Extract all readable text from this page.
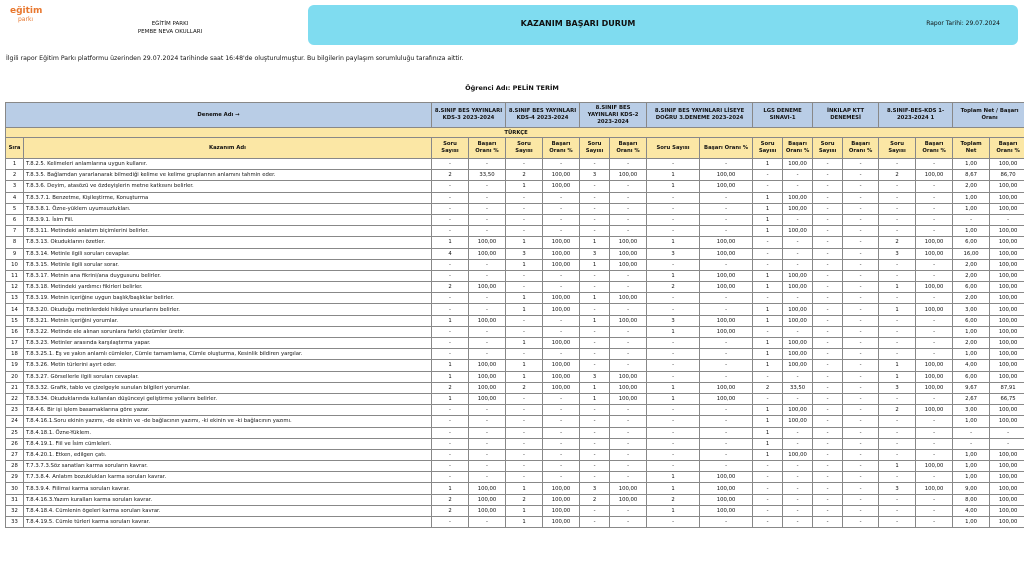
eğitim
parkı
EĞİTİM PARKI
PEMBE NEVA OKULLARI
KAZANIM BAŞARI DURUM	Rapor Tarihi: 29.07.2024
İlgili rapor Eğitim Parkı platformu üzerinden 29.07.2024 tarihinde saat 16:48'de oluşturulmuştur. Bu bilgilerin paylaşım sorumluluğu tarafınıza aittir.
Öğrenci Adı: PELİN TERİM
Deneme Adı →		8.SINIF BES YAYINLARI KDS-3 2023-2024		8.SINIF BES YAYINLARI KDS-4 2023-2024		8.SINIF BES YAYINLARI KDS-2 2023-2024		8.SINIF BES YAYINLARI LİSEYE DOĞRU 3.DENEME 2023-2024		LGS DENEME SINAVI-1		İNKILAP KTT DENEMESİ		8.SINIF-BES-KDS 1-2023-2024 1		Toplam Net / Başarı Oranı	
TÜRKÇE																	
Sıra	Kazanım Adı	Soru Sayısı	Başarı Oranı %	Soru Sayısı	Başarı Oranı %	Soru Sayısı	Başarı Oranı %	Soru Sayısı	Başarı Oranı %	Soru Sayısı	Başarı Oranı %	Soru Sayısı	Başarı Oranı %	Soru Sayısı	Başarı Oranı %	Toplam Net	Başarı Oranı %
1	T.8.2.5. Kelimeleri anlamlarına uygun kullanır.	-	-	-	-	-	-	-	-	1	100,00	-	-	-	-	1,00	100,00
2	T.8.3.5. Bağlamdan yararlanarak bilmediği kelime ve kelime gruplarının anlamını tahmin eder.	2	33,50	2	100,00	3	100,00	1	100,00	-	-	-	-	2	100,00	8,67	86,70
3	T.8.3.6. Deyim, atasözü ve özdeyişlerin metne katkısını belirler.	-	-	1	100,00	-	-	1	100,00	-	-	-	-	-	-	2,00	100,00
4	T.8.3.7.1. Benzetme, Kişileştirme, Konuşturma	-	-	-	-	-	-	-	-	1	100,00	-	-	-	-	1,00	100,00
5	T.8.3.8.1. Özne-yüklem uyumsuzlukları.	-	-	-	-	-	-	-	-	1	100,00	-	-	-	-	1,00	100,00
6	T.8.3.9.1. İsim Fiil.	-	-	-	-	-	-	-	-	1	-	-	-	-	-	-	-
7	T.8.3.11. Metindeki anlatım biçimlerini belirler.	-	-	-	-	-	-	-	-	1	100,00	-	-	-	-	1,00	100,00
8	T.8.3.13. Okuduklarını özetler.	1	100,00	1	100,00	1	100,00	1	100,00	-	-	-	-	2	100,00	6,00	100,00
9	T.8.3.14. Metinle ilgili soruları cevaplar.	4	100,00	3	100,00	3	100,00	3	100,00	-	-	-	-	3	100,00	16,00	100,00
10	T.8.3.15. Metinle ilgili sorular sorar.	-	-	1	100,00	1	100,00	-	-	-	-	-	-	-	-	2,00	100,00
11	T.8.3.17. Metnin ana fikrini/ana duygusunu belirler.	-	-	-	-	-	-	1	100,00	1	100,00	-	-	-	-	2,00	100,00
12	T.8.3.18. Metindeki yardımcı fikirleri belirler.	2	100,00	-	-	-	-	2	100,00	1	100,00	-	-	1	100,00	6,00	100,00
13	T.8.3.19. Metnin içeriğine uygun başlık/başlıklar belirler.	-	-	1	100,00	1	100,00	-	-	-	-	-	-	-	-	2,00	100,00
14	T.8.3.20. Okuduğu metinlerdeki hikâye unsurlarını belirler.	-	-	1	100,00	-	-	-	-	1	100,00	-	-	1	100,00	3,00	100,00
15	T.8.3.21. Metnin içeriğini yorumlar.	1	100,00	-	-	1	100,00	3	100,00	1	100,00	-	-	-	-	6,00	100,00
16	T.8.3.22. Metinde ele alınan sorunlara farklı çözümler üretir.	-	-	-	-	-	-	1	100,00	-	-	-	-	-	-	1,00	100,00
17	T.8.3.23. Metinler arasında karşılaştırma yapar.	-	-	1	100,00	-	-	-	-	1	100,00	-	-	-	-	2,00	100,00
18	T.8.3.25.1. Eş ve yakın anlamlı cümleler, Cümle tamamlama, Cümle oluşturma, Kesinlik bildiren yargılar.	-	-	-	-	-	-	-	-	1	100,00	-	-	-	-	1,00	100,00
19	T.8.3.26. Metin türlerini ayırt eder.	1	100,00	1	100,00	-	-	-	-	1	100,00	-	-	1	100,00	4,00	100,00
20	T.8.3.27. Görsellerle ilgili soruları cevaplar.	1	100,00	1	100,00	3	100,00	-	-	-	-	-	-	1	100,00	6,00	100,00
21	T.8.3.32. Grafik, tablo ve çizelgeyle sunulan bilgileri yorumlar.	2	100,00	2	100,00	1	100,00	1	100,00	2	33,50	-	-	3	100,00	9,67	87,91
22	T.8.3.34. Okuduklarında kullanılan düşünceyi geliştirme yollarını belirler.	1	100,00	-	-	1	100,00	1	100,00	-	-	-	-	-	-	2,67	66,75
23	T.8.4.6. Bir işi işlem basamaklarına göre yazar.	-	-	-	-	-	-	-	-	1	100,00	-	-	2	100,00	3,00	100,00
24	T.8.4.16.1.Soru ekinin yazımı, -de ekinin ve -de bağlacının yazımı, -ki ekinin ve -ki bağlacının yazımı.	-	-	-	-	-	-	-	-	1	100,00	-	-	-	-	1,00	100,00
25	T.8.4.18.1. Özne-Yüklem.	-	-	-	-	-	-	-	-	1	-	-	-	-	-	-	-
26	T.8.4.19.1. Fiil ve İsim cümleleri.	-	-	-	-	-	-	-	-	1	-	-	-	-	-	-	-
27	T.8.4.20.1. Etken, edilgen çatı.	-	-	-	-	-	-	-	-	1	100,00	-	-	-	-	1,00	100,00
28	T.7.3.7.3.Söz sanatları karma soruların kavrar.	-	-	-	-	-	-	-	-	-	-	-	-	1	100,00	1,00	100,00
29	T.7.3.8.4. Anlatım bozuklukları karma soruları kavrar.	-	-	-	-	-	-	1	100,00	-	-	-	-	-	-	1,00	100,00
30	T.8.3.9.4. Fiilimsi karma soruları kavrar.	1	100,00	1	100,00	3	100,00	1	100,00	-	-	-	-	3	100,00	9,00	100,00
31	T.8.4.16.3.Yazım kuralları karma soruları kavrar.	2	100,00	2	100,00	2	100,00	2	100,00	-	-	-	-	-	-	8,00	100,00
32	T.8.4.18.4. Cümlenin ögeleri karma soruları kavrar.	2	100,00	1	100,00	-	-	1	100,00	-	-	-	-	-	-	4,00	100,00
33	T.8.4.19.5. Cümle türleri karma soruları kavrar.	-	-	1	100,00	-	-	-	-	-	-	-	-	-	-	1,00	100,00
